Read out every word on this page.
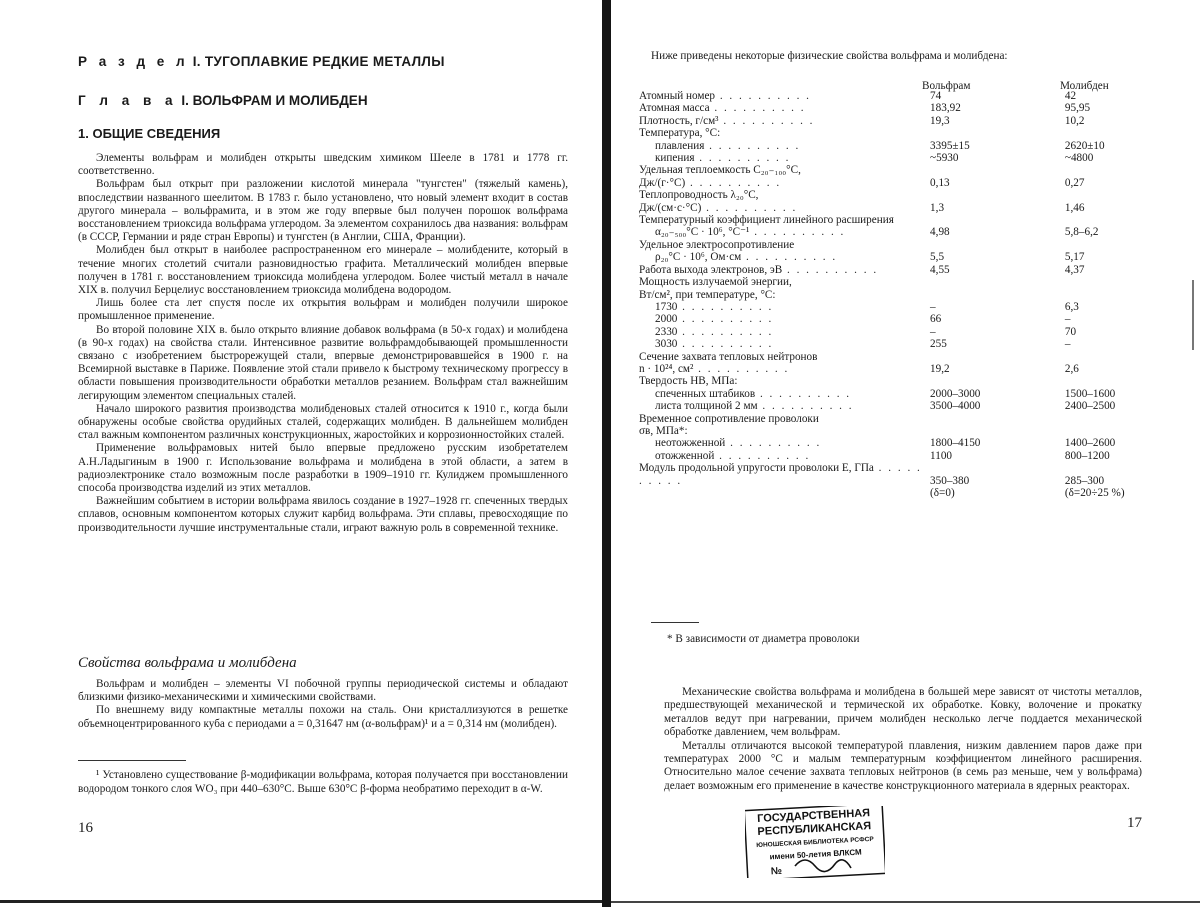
Р а з д е л I. ТУГОПЛАВКИЕ РЕДКИЕ МЕТАЛЛЫ
Г л а в а I. ВОЛЬФРАМ И МОЛИБДЕН
1. ОБЩИЕ СВЕДЕНИЯ

Элементы вольфрам и молибден открыты шведским химиком Шееле в 1781 и 1778 гг. соответственно.

Вольфрам был открыт при разложении кислотой минерала "тунгстен" (тяжелый камень), впоследствии названного шеелитом. В 1783 г. было установлено, что новый элемент входит в состав другого минерала – вольфрамита, и в этом же году впервые был получен порошок вольфрама восстановлением триоксида вольфрама углеродом. За элементом сохранилось два названия: вольфрам (в СССР, Германии и ряде стран Европы) и тунгстен (в Англии, США, Франции).

Молибден был открыт в наиболее распространенном его минерале – молибдените, который в течение многих столетий считали разновидностью графита. Металлический молибден впервые получен в 1781 г. восстановлением триоксида молибдена углеродом. Более чистый металл в начале XIX в. получил Берцелиус восстановлением триоксида молибдена водородом.

Лишь более ста лет спустя после их открытия вольфрам и молибден получили широкое промышленное применение.

Во второй половине XIX в. было открыто влияние добавок вольфрама (в 50-х годах) и молибдена (в 90-х годах) на свойства стали. Интенсивное развитие вольфрамдобывающей промышленности связано с изобретением быстрорежущей стали, впервые демонстрировавшейся в 1900 г. на Всемирной выставке в Париже. Появление этой стали привело к быстрому техническому прогрессу в области повышения производительности обработки металлов резанием. Вольфрам стал важнейшим легирующим элементом специальных сталей.

Начало широкого развития производства молибденовых сталей относится к 1910 г., когда были обнаружены особые свойства орудийных сталей, содержащих молибден. В дальнейшем молибден стал важным компонентом различных конструкционных, жаростойких и коррозионностойких сталей.

Применение вольфрамовых нитей было впервые предложено русским изобретателем А.Н.Ладыгиным в 1900 г. Использование вольфрама и молибдена в этой области, а затем в радиоэлектронике стало возможным после разработки в 1909–1910 гг. Кулиджем промышленного способа производства изделий из этих металлов.

Важнейшим событием в истории вольфрама явилось создание в 1927–1928 гг. спеченных твердых сплавов, основным компонентом которых служит карбид вольфрама. Эти сплавы, превосходящие по производительности лучшие инструментальные стали, играют важную роль в современной технике.

Свойства вольфрама и молибдена

Вольфрам и молибден – элементы VI побочной группы периодической системы и обладают близкими физико-механическими и химическими свойствами.

По внешнему виду компактные металлы похожи на сталь. Они кристаллизуются в решетке объемноцентрированного куба с периодами a = 0,31647 нм (α-вольфрам)¹ и a = 0,314 нм (молибден).

¹ Установлено существование β-модификации вольфрама, которая получается при восстановлении водородом тонкого слоя WO₃ при 440–630°С. Выше 630°С β-форма необратимо переходит в α-W.

16
Ниже приведены некоторые физические свойства вольфрама и молибдена:
Вольфрам	Молибден
Атомный номер . . .	74	42
Атомная масса . . .	183,92	95,95
Плотность, г/см³ . . .	19,3	10,2
Температура, °С:		
плавления . . .	3395±15	2620±10
кипения . . .	~5930	~4800
Удельная теплоемкость C₂₀₋₁₀₀°C,		
Дж/(г·°С) . . .	0,13	0,27
Теплопроводность λ₂₀°C,		
Дж/(см·с·°С) . . .	1,3	1,46
Температурный коэффициент линейного расширения		
α₂₀₋₅₀₀°C · 10⁶, °С⁻¹ . . .	4,98	5,8–6,2
Удельное электросопротивление		
ρ₂₀°C · 10⁶, Ом·см . . .	5,5	5,17
Работа выхода электронов, эВ . . .	4,55	4,37
Мощность излучаемой энергии,		
Вт/см², при температуре, °С:		
1730 . . .	–	6,3
2000 . . .	66	–
2330 . . .	–	70
3030 . . .	255	–
Сечение захвата тепловых нейтронов		
n · 10²⁴, см² . . .	19,2	2,6
Твердость НВ, МПа:		
спеченных штабиков . . .	2000–3000	1500–1600
листа толщиной 2 мм . . .	3500–4000	2400–2500
Временное сопротивление проволоки		
σв, МПа*:		
неотожженной . . .	1800–4150	1400–2600
отожженной . . .	1100	800–1200
Модуль продольной упругости проволоки E, ГПа . . .	350–380	285–300
	(δ=0)	(δ=20÷25 %)
* В зависимости от диаметра проволоки

Механические свойства вольфрама и молибдена в большей мере зависят от чистоты металлов, предшествующей механической и термической их обработке. Ковку, волочение и прокатку металлов ведут при нагревании, причем молибден несколько легче поддается механической обработке давлением, чем вольфрам.

Металлы отличаются высокой температурой плавления, низким давлением паров даже при температурах 2000 °С и малым температурным коэффициентом линейного расширения. Относительно малое сечение захвата тепловых нейтронов (в семь раз меньше, чем у вольфрама) делает возможным его применение в качестве конструкционного материала в ядерных реакторах.

17
ГОСУДАРСТВЕННАЯ
РЕСПУБЛИКАНСКАЯ
ЮНОШЕСКАЯ БИБЛИОТЕКА РСФСР
имени 50-летия ВЛКСМ
№
